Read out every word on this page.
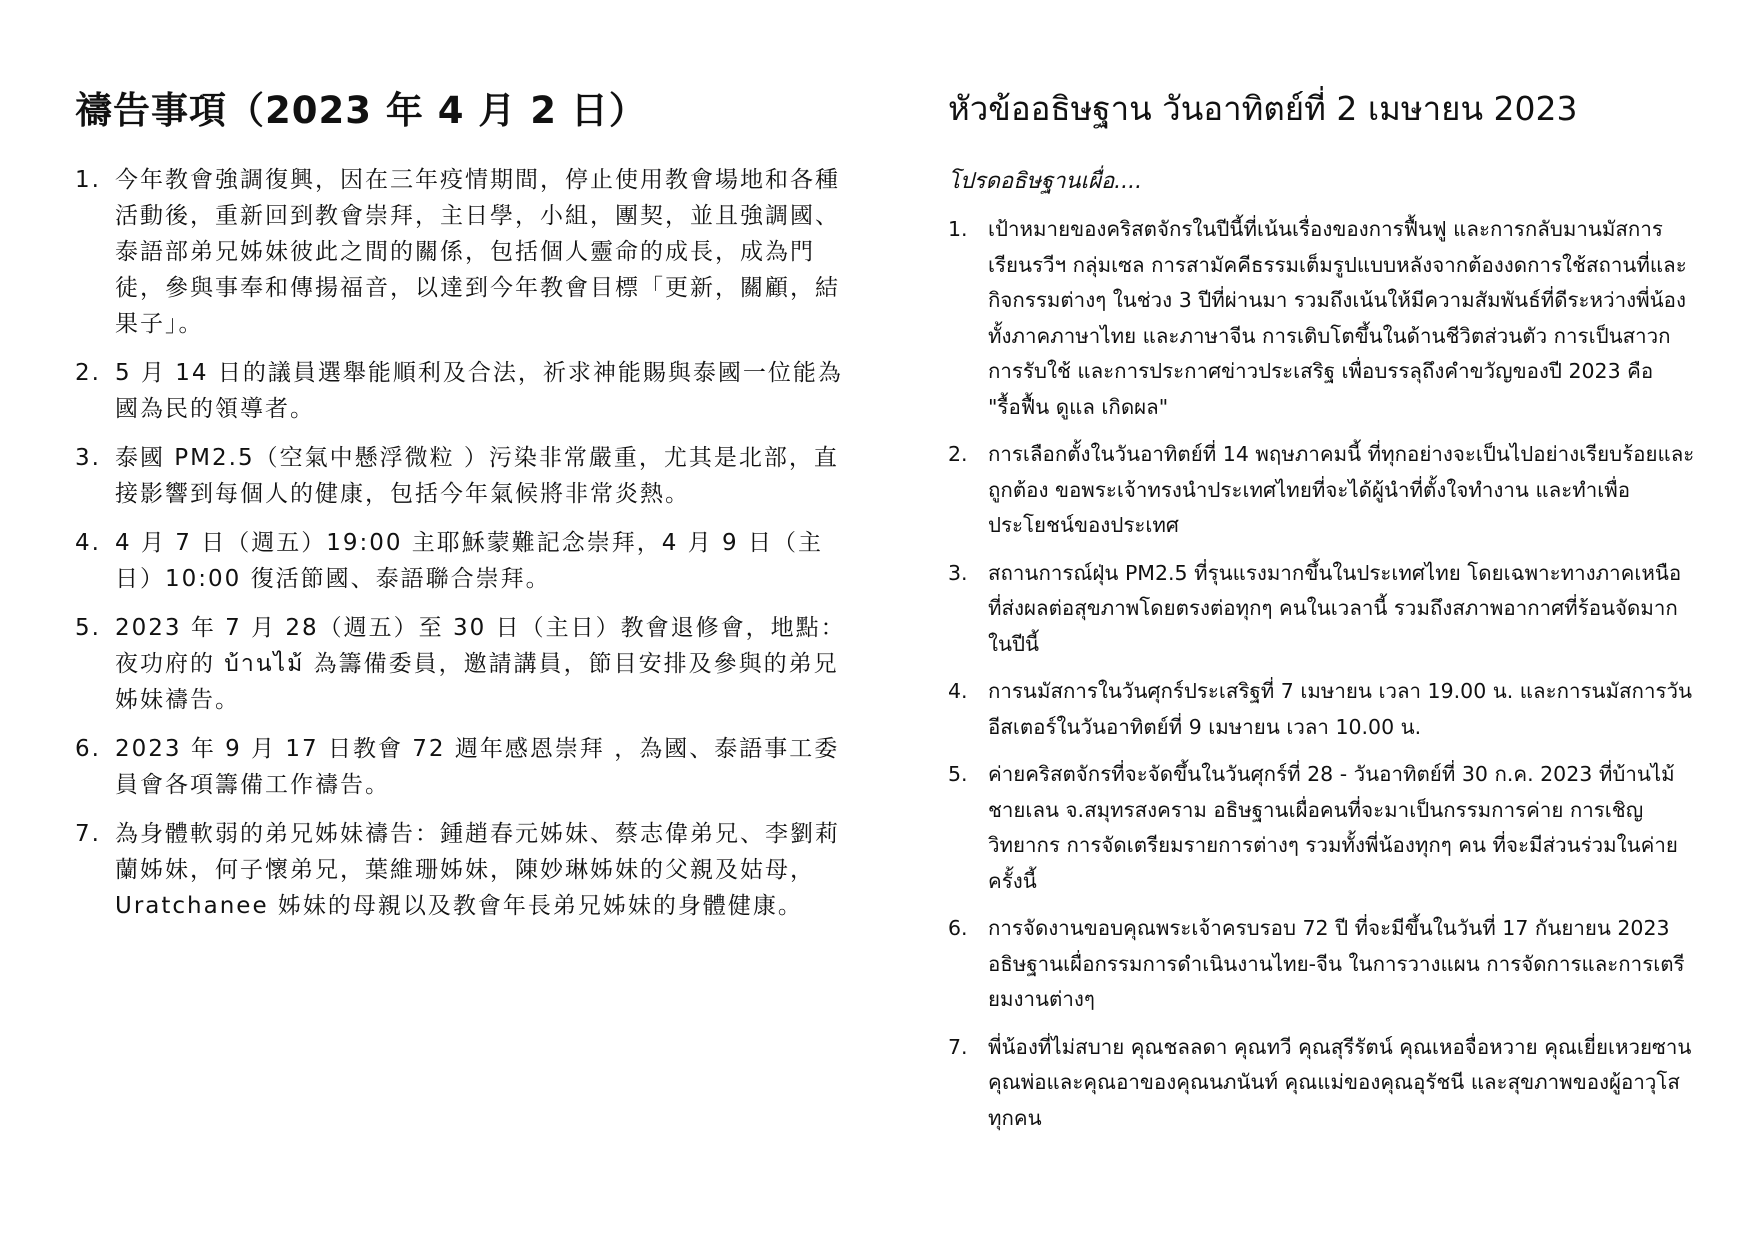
禱告事項（2023 年 4 月 2 日）
1. 今年教會強調復興，因在三年疫情期間，停止使用教會場地和各種活動後，重新回到教會崇拜，主日學，小組，團契，並且強調國、泰語部弟兄姊妹彼此之間的關係，包括個人靈命的成長，成為門徒，參與事奉和傳揚福音，以達到今年教會目標「更新，關顧，結果子」。
2. 5 月 14 日的議員選舉能順利及合法，祈求神能賜與泰國一位能為國為民的領導者。
3. 泰國 PM2.5（空氣中懸浮微粒 ）污染非常嚴重，尤其是北部，直接影響到每個人的健康，包括今年氣候將非常炎熱。
4. 4 月 7 日（週五）19:00 主耶穌蒙難記念崇拜，4 月 9 日（主日）10:00 復活節國、泰語聯合崇拜。
5. 2023 年 7 月 28（週五）至 30 日（主日）教會退修會，地點：夜功府的 บ้านไม้ 為籌備委員，邀請講員，節目安排及參與的弟兄姊妹禱告。
6. 2023 年 9 月 17 日教會 72 週年感恩崇拜 ，為國、泰語事工委員會各項籌備工作禱告。
7. 為身體軟弱的弟兄姊妹禱告：鍾趙春元姊妹、蔡志偉弟兄、李劉莉蘭姊妹，何子懷弟兄，葉維珊姊妹，陳妙琳姊妹的父親及姑母，Uratchanee 姊妹的母親以及教會年長弟兄姊妹的身體健康。
หัวข้ออธิษฐาน วันอาทิตย์ที่ 2 เมษายน 2023

โปรดอธิษฐานเผื่อ....

1. เป้าหมายของคริสตจักรในปีนี้ที่เน้นเรื่องของการฟื้นฟู และการกลับมานมัสการ เรียนรวีฯ กลุ่มเซล การสามัคคีธรรมเต็มรูปแบบหลังจากต้องงดการใช้สถานที่และกิจกรรมต่างๆ ในช่วง 3 ปีที่ผ่านมา รวมถึงเน้นให้มีความสัมพันธ์ที่ดีระหว่างพี่น้องทั้งภาคภาษาไทย และภาษาจีน การเติบโตขึ้นในด้านชีวิตส่วนตัว การเป็นสาวก การรับใช้ และการประกาศข่าวประเสริฐ เพื่อบรรลุถึงคำขวัญของปี 2023 คือ "รื้อฟื้น ดูแล เกิดผล"
2. การเลือกตั้งในวันอาทิตย์ที่ 14 พฤษภาคมนี้ ที่ทุกอย่างจะเป็นไปอย่างเรียบร้อยและถูกต้อง ขอพระเจ้าทรงนำประเทศไทยที่จะได้ผู้นำที่ตั้งใจทำงาน และทำเพื่อประโยชน์ของประเทศ
3. สถานการณ์ฝุ่น PM2.5 ที่รุนแรงมากขึ้นในประเทศไทย โดยเฉพาะทางภาคเหนือ ที่ส่งผลต่อสุขภาพโดยตรงต่อทุกๆ คนในเวลานี้ รวมถึงสภาพอากาศที่ร้อนจัดมากในปีนี้
4. การนมัสการในวันศุกร์ประเสริฐที่ 7 เมษายน เวลา 19.00 น. และการนมัสการวันอีสเตอร์ในวันอาทิตย์ที่ 9 เมษายน เวลา 10.00 น.
5. ค่ายคริสตจักรที่จะจัดขึ้นในวันศุกร์ที่ 28 - วันอาทิตย์ที่ 30 ก.ค. 2023 ที่บ้านไม้ชายเลน จ.สมุทรสงคราม อธิษฐานเผื่อคนที่จะมาเป็นกรรมการค่าย การเชิญวิทยากร การจัดเตรียมรายการต่างๆ รวมทั้งพี่น้องทุกๆ คน ที่จะมีส่วนร่วมในค่ายครั้งนี้
6. การจัดงานขอบคุณพระเจ้าครบรอบ 72 ปี ที่จะมีขึ้นในวันที่ 17 กันยายน 2023 อธิษฐานเผื่อกรรมการดำเนินงานไทย-จีน ในการวางแผน การจัดการและการเตรียมงานต่างๆ
7. พี่น้องที่ไม่สบาย คุณชลลดา คุณทวี คุณสุรีรัตน์ คุณเหอจื่อหวาย คุณเยี่ยเหวยซาน คุณพ่อและคุณอาของคุณนภนันท์ คุณแม่ของคุณอุรัชนี และสุขภาพของผู้อาวุโสทุกคน
